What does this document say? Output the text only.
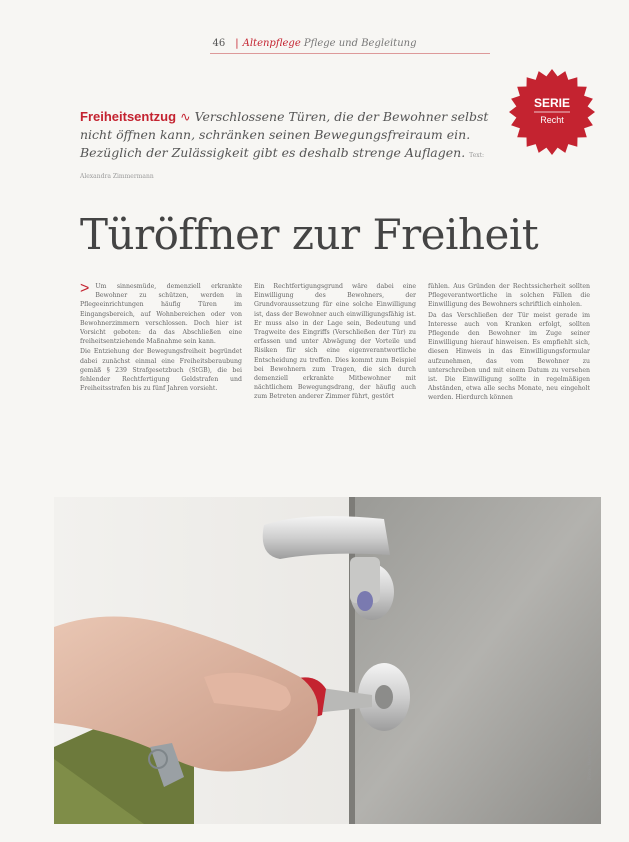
46 | Altenpflege Pflege und Begleitung
SERIE
Recht
Freiheitsentzug ∿ Verschlossene Türen, die der Bewohner selbst nicht öffnen kann, schränken seinen Bewegungsfreiraum ein. Bezüglich der Zulässigkeit gibt es deshalb strenge Auflagen. Text: Alexandra Zimmermann
Türöffner zur Freiheit
> Um sinnesmüde, demenziell erkrankte Bewohner zu schützen, werden in Pflegeeinrichtungen häufig Türen im Eingangsbereich, auf Wohnbereichen oder von Bewohnerzimmern verschlossen. Doch hier ist Vorsicht geboten: da das Abschließen eine freiheitsentziehende Maßnahme sein kann.

Die Entziehung der Bewegungsfreiheit begründet dabei zunächst einmal eine Freiheitsberaubung gemäß § 239 Strafgesetzbuch (StGB), die bei fehlender Rechtfertigung Geldstrafen und Freiheitsstrafen bis zu fünf Jahren vorsieht.

Ein Rechtfertigungsgrund wäre dabei eine Einwilligung des Bewohners, der Grundvoraussetzung für eine solche Einwilligung ist, dass der Bewohner auch einwilligungsfähig ist. Er muss also in der Lage sein, Bedeutung und Tragweite des Eingriffs (Verschließen der Tür) zu erfassen und unter Abwägung der Vorteile und Risiken für sich eine eigenverantwortliche Entscheidung zu treffen. Dies kommt zum Beispiel bei Bewohnern zum Tragen, die sich durch demenziell erkrankte Mitbewohner mit nächtlichem Bewegungsdrang, der häufig auch zum Betreten anderer Zimmer führt, gestört

fühlen. Aus Gründen der Rechtssicherheit sollten Pflegeverantwortliche in solchen Fällen die Einwilligung des Bewohners schriftlich einholen.

Da das Verschließen der Tür meist gerade im Interesse auch von Kranken erfolgt, sollten Pflegende den Bewohner im Zuge seiner Einwilligung hierauf hinweisen. Es empfiehlt sich, diesen Hinweis in das Einwilligungsformular aufzunehmen, das vom Bewohner zu unterschreiben und mit einem Datum zu versehen ist. Die Einwilligung sollte in regelmäßigen Abständen, etwa alle sechs Monate, neu eingeholt werden. Hierdurch können

Foto: Werner Krüper
